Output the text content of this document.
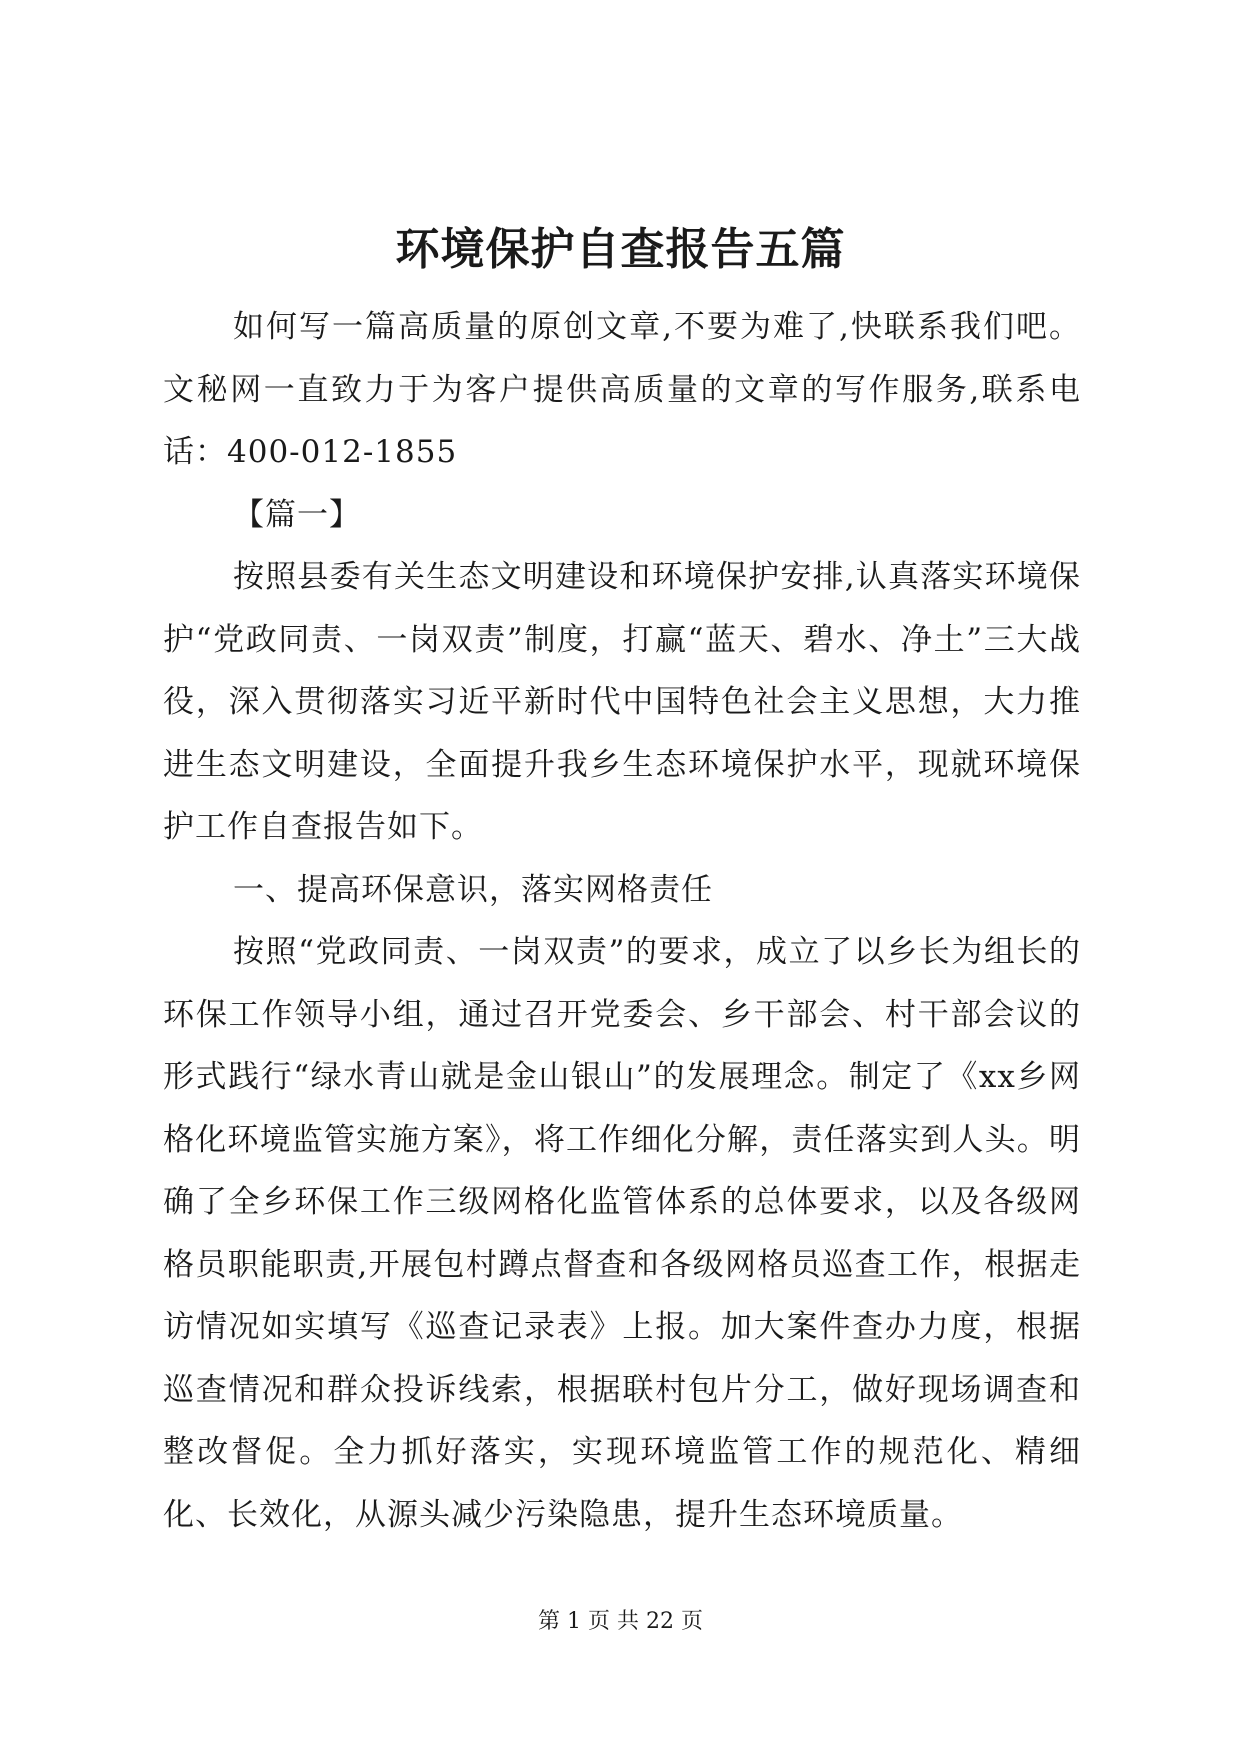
环境保护自查报告五篇

如何写一篇高质量的原创文章,不要为难了,快联系我们吧。文秘网一直致力于为客户提供高质量的文章的写作服务,联系电话：400-012-1855

【篇一】

按照县委有关生态文明建设和环境保护安排,认真落实环境保护“党政同责、一岗双责”制度，打赢“蓝天、碧水、净土”三大战役，深入贯彻落实习近平新时代中国特色社会主义思想，大力推进生态文明建设，全面提升我乡生态环境保护水平，现就环境保护工作自查报告如下。

一、提高环保意识，落实网格责任

按照“党政同责、一岗双责”的要求，成立了以乡长为组长的环保工作领导小组，通过召开党委会、乡干部会、村干部会议的形式践行“绿水青山就是金山银山”的发展理念。制定了《xx乡网格化环境监管实施方案》，将工作细化分解，责任落实到人头。明确了全乡环保工作三级网格化监管体系的总体要求，以及各级网格员职能职责,开展包村蹲点督查和各级网格员巡查工作，根据走访情况如实填写《巡查记录表》上报。加大案件查办力度，根据巡查情况和群众投诉线索，根据联村包片分工，做好现场调查和整改督促。全力抓好落实，实现环境监管工作的规范化、精细化、长效化，从源头减少污染隐患，提升生态环境质量。

第 1 页 共 22 页
